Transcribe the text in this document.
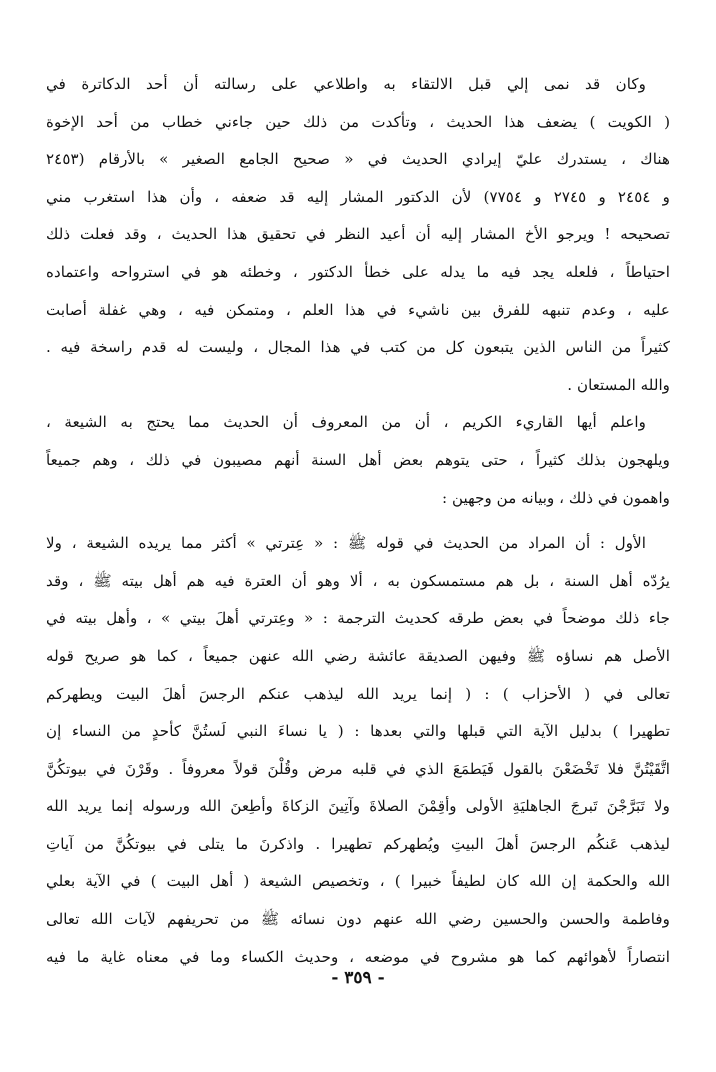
وكان قد نمى إلي قبل الالتقاء به واطلاعي على رسالته أن أحد الدكاترة في

( الكويت ) يضعف هذا الحديث ، وتأكدت من ذلك حين جاءني خطاب من أحد الإخوة

هناك ، يستدرك عليّ إيرادي الحديث في « صحيح الجامع الصغير » بالأرقام (٢٤٥٣

و ٢٤٥٤ و ٢٧٤٥ و ٧٧٥٤) لأن الدكتور المشار إليه قد ضعفه ، وأن هذا استغرب مني

تصحيحه ! ويرجو الأخ المشار إليه أن أعيد النظر في تحقيق هذا الحديث ، وقد فعلت ذلك

احتياطاً ، فلعله يجد فيه ما يدله على خطأ الدكتور ، وخطئه هو في استرواحه واعتماده

عليه ، وعدم تنبهه للفرق بين ناشيء في هذا العلم ، ومتمكن فيه ، وهي غفلة أصابت

كثيراً من الناس الذين يتبعون كل من كتب في هذا المجال ، وليست له قدم راسخة فيه .

والله المستعان .

واعلم أيها القاريء الكريم ، أن من المعروف أن الحديث مما يحتج به الشيعة ،

ويلهجون بذلك كثيراً ، حتى يتوهم بعض أهل السنة أنهم مصيبون في ذلك ، وهم جميعاً

واهمون في ذلك ، وبيانه من وجهين :

الأول : أن المراد من الحديث في قوله ﷺ : « عِترتي » أكثر مما يريده الشيعة ، ولا

يرُدّه أهل السنة ، بل هم مستمسكون به ، ألا وهو أن العترة فيه هم أهل بيته ﷺ ، وقد

جاء ذلك موضحاً في بعض طرقه كحديث الترجمة : « وعِترتي أهلَ بيتي » ، وأهل بيته في

الأصل هم نساؤه ﷺ وفيهن الصديقة عائشة رضي الله عنهن جميعاً ، كما هو صريح قوله

تعالى في ( الأحزاب ) : ( إنما يريد الله ليذهب عنكم الرجسَ أهلَ البيت ويطهركم

تطهيرا ) بدليل الآية التي قبلها والتي بعدها : ( يا نساءَ النبي لَستُنَّ كأحدٍ من النساء إن

اتَّقَيْتُنَّ فلا تَخْضَعْنَ بالقول فَيَطمَعَ الذي في قلبه مرض وقُلْنَ قولاً معروفاً . وقَرْنَ في بيوتكُنَّ

ولا تَبَرَّجْنَ تَبرجَ الجاهليَةِ الأولى وأقِمْنَ الصلاةَ وآتِينَ الزكاةَ وأطِعنَ الله ورسوله إنما يريد الله

ليذهب عَنكُم الرجسَ أهلَ البيتِ ويُطهركم تطهيرا . واذكرنَ ما يتلى في بيوتكُنَّ من آياتِ

الله والحكمة إن الله كان لطيفاً خبيرا ) ، وتخصيص الشيعة ( أهل البيت ) في الآية بعلي

وفاطمة والحسن والحسين رضي الله عنهم دون نسائه ﷺ من تحريفهم لآيات الله تعالى

انتصاراً لأهوائهم كما هو مشروح في موضعه ، وحديث الكساء وما في معناه غاية ما فيه

- ٣٥٩ -
